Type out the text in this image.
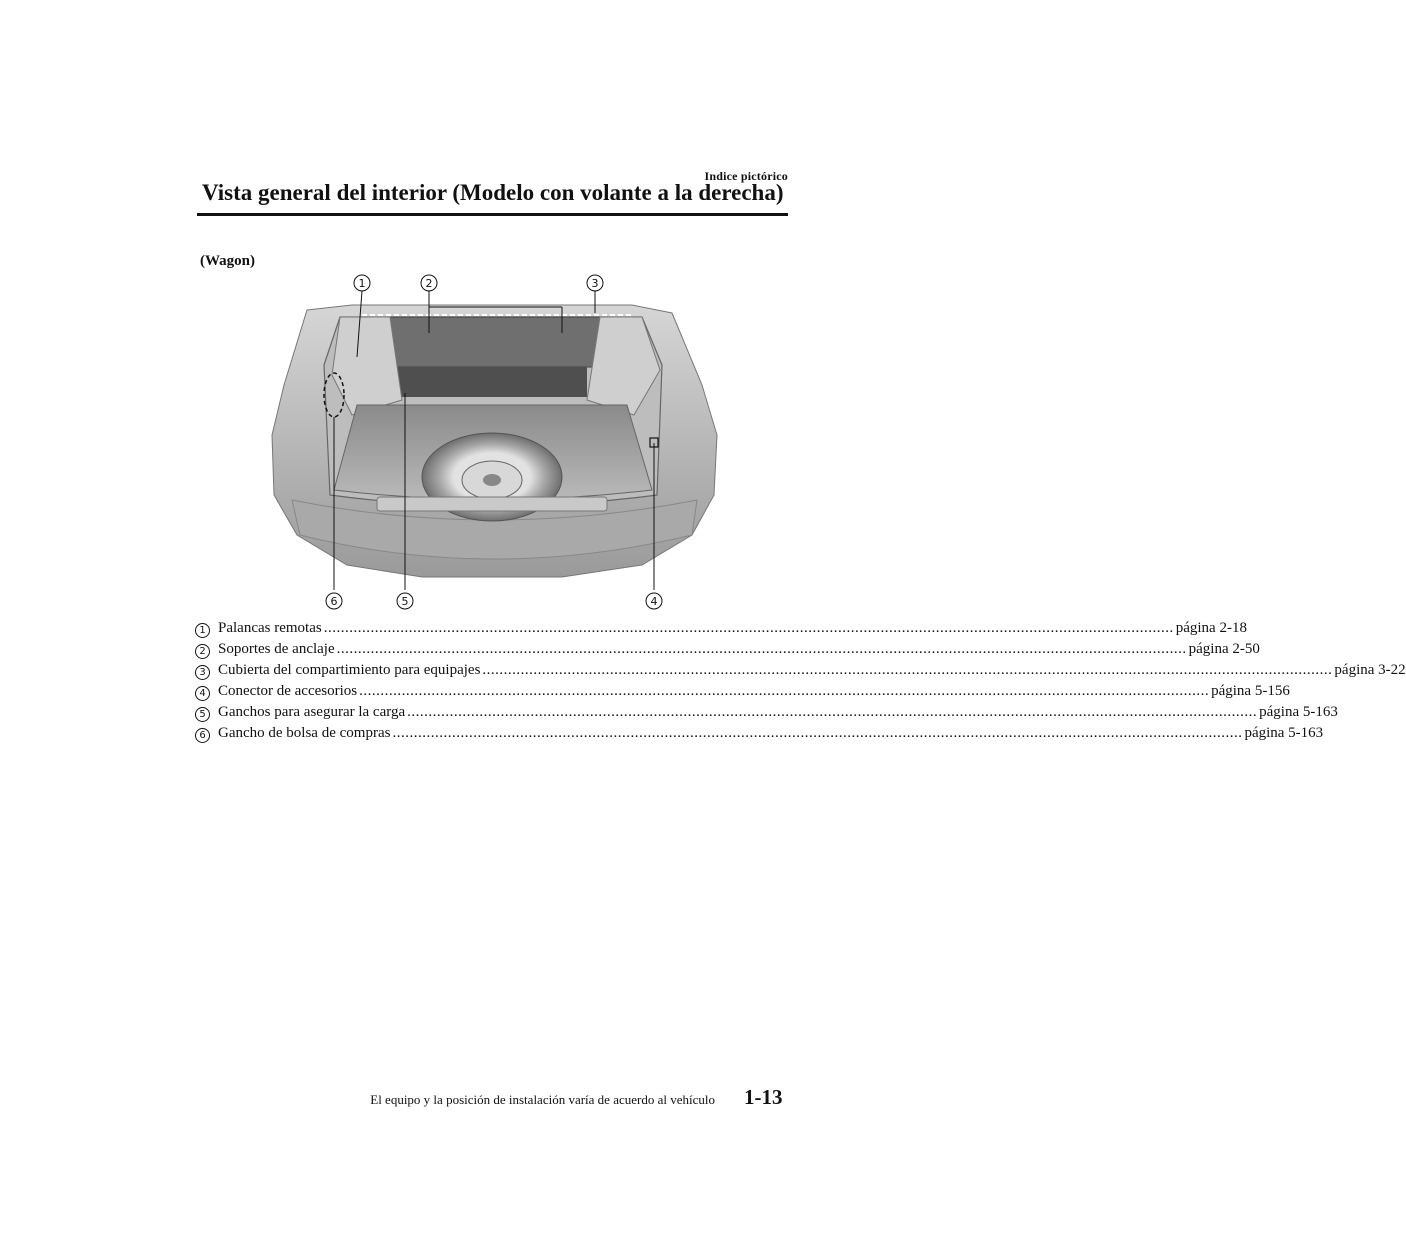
Indice pictórico
Vista general del interior (Modelo con volante a la derecha)
(Wagon)
1	2	3
4
5
6
1 Palancas remotas ........................................................................................................................................................................................................ página 2-18
2 Soportes de anclaje ........................................................................................................................................................................................................ página 2-50
3 Cubierta del compartimiento para equipajes ........................................................................................................................................................................................................ página 3-22
4 Conector de accesorios ........................................................................................................................................................................................................ página 5-156
5 Ganchos para asegurar la carga ........................................................................................................................................................................................................ página 5-163
6 Gancho de bolsa de compras ........................................................................................................................................................................................................ página 5-163
El equipo y la posición de instalación varía de acuerdo al vehículo 1-13
